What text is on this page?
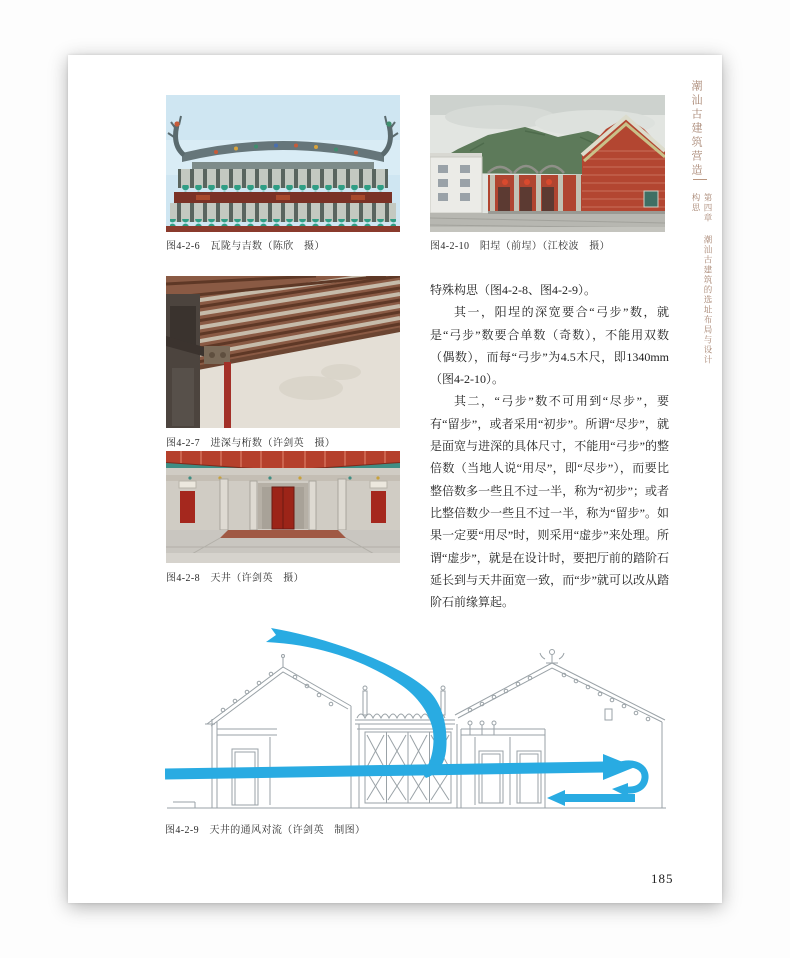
图4-2-6　瓦陇与吉数（陈欣　摄）	图4-2-10　阳埕（前埕）（江校波　摄）
图4-2-7　进深与桁数（许剑英　摄）
图4-2-8　天井（许剑英　摄）

特殊构思（图4-2-8、图4-2-9）。

其一，阳埕的深宽要合“弓步”数，就是“弓步”数要合单数（奇数），不能用双数（偶数），而每“弓步”为4.5木尺，即1340mm（图4-2-10）。

其二，“弓步”数不可用到“尽步”，要有“留步”，或者采用“初步”。所谓“尽步”，就是面宽与进深的具体尺寸，不能用“弓步”的整倍数（当地人说“用尽”，即“尽步”），而要比整倍数多一些且不过一半，称为“初步”；或者比整倍数少一些且不过一半，称为“留步”。如果一定要“用尽”时，则采用“虚步”来处理。所谓“虚步”，就是在设计时，要把厅前的踏阶石延长到与天井面宽一致，而“步”就可以改从踏阶石前缘算起。

潮汕古建筑营造
第四章潮汕古建筑的选址布局与设计构思
图4-2-9　天井的通风对流（许剑英　制图）
185
